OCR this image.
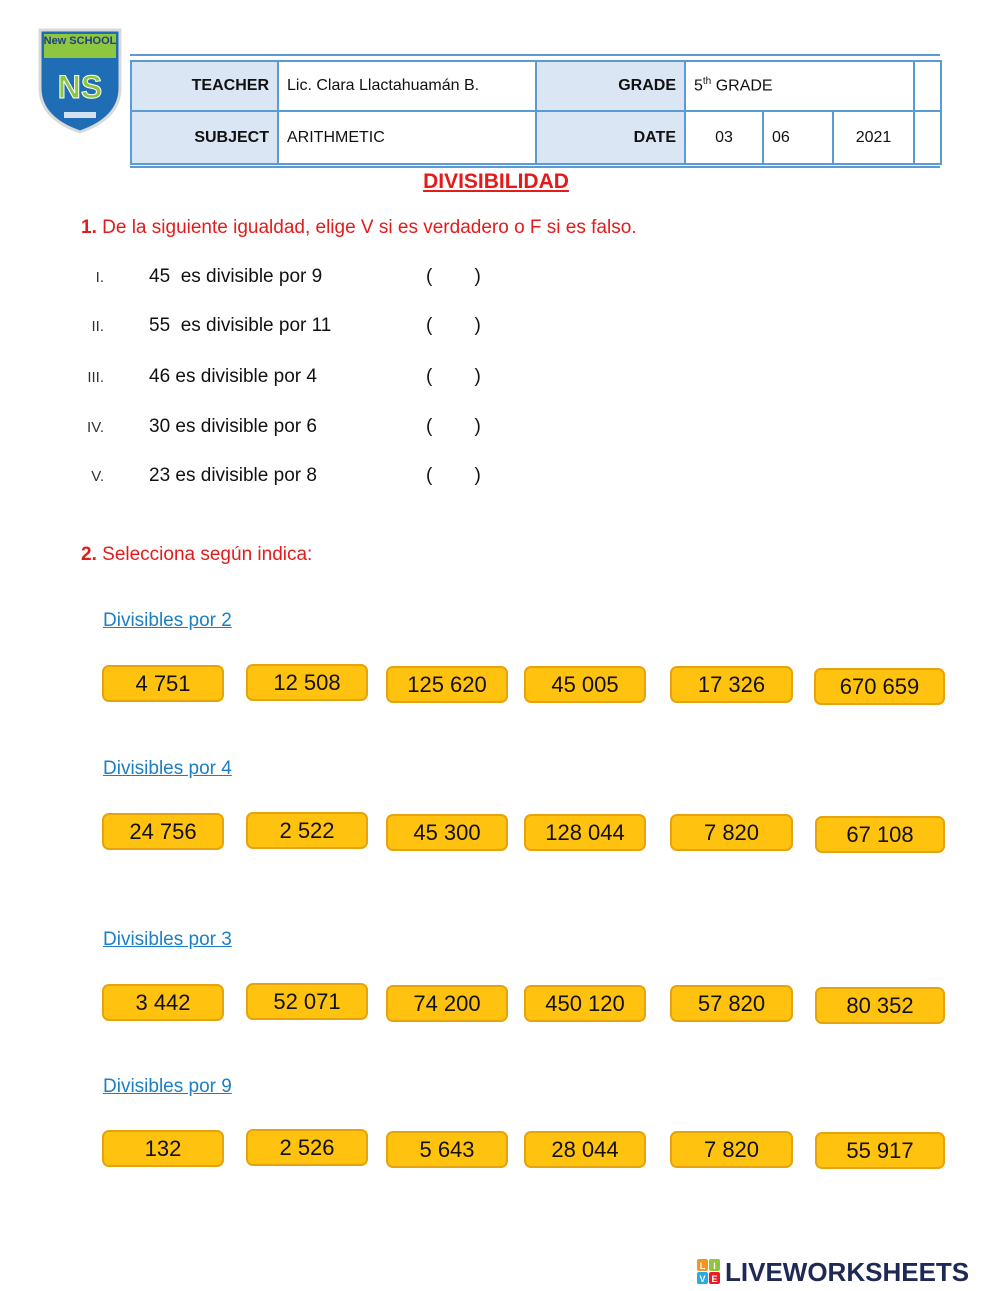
New SCHOOL
NS	TEACHER	Lic. Clara Llactahuamán B.	GRADE	5th GRADE			
SUBJECT	ARITHMETIC	DATE	03	06	2021	
DIVISIBILIDAD
1. De la siguiente igualdad, elige V si es verdadero o F si es falso.
I. 45  es divisible por 9	(        )
II. 55  es divisible por 11	(        )
III. 46 es divisible por 4	(        )
IV. 30 es divisible por 6	(        )
V. 23 es divisible por 8	(        )
2. Selecciona según indica:
Divisibles por 2
4 751	12 508	125 620	45 005	17 326	670 659
Divisibles por 4
24 756	2 522	45 300	128 044	7 820	67 108
Divisibles por 3
3 442	52 071	74 200	450 120	57 820	80 352
Divisibles por 9
132	2 526	5 643	28 044	7 820	55 917
L I
V E LIVEWORKSHEETS
